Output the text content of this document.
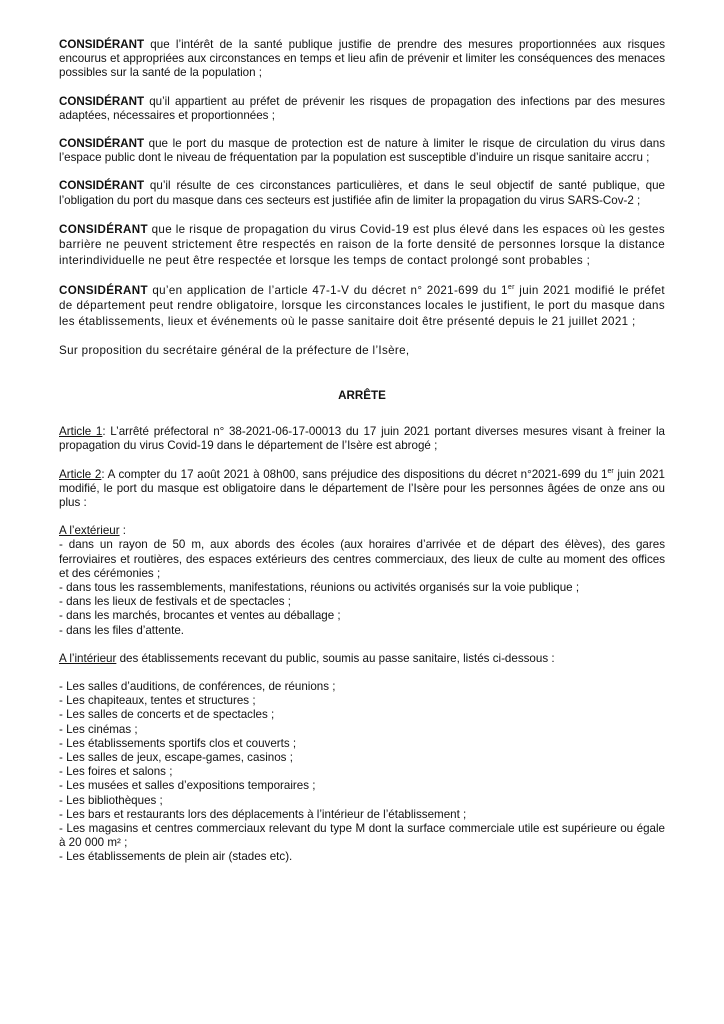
CONSIDÉRANT que l’intérêt de la santé publique justifie de prendre des mesures proportionnées aux risques encourus et appropriées aux circonstances en temps et lieu afin de prévenir et limiter les conséquences des menaces possibles sur la santé de la population ;

CONSIDÉRANT qu’il appartient au préfet de prévenir les risques de propagation des infections par des mesures adaptées, nécessaires et proportionnées ;

CONSIDÉRANT que le port du masque de protection est de nature à limiter le risque de circulation du virus dans l’espace public dont le niveau de fréquentation par la population est susceptible d’induire un risque sanitaire accru ;

CONSIDÉRANT qu’il résulte de ces circonstances particulières, et dans le seul objectif de santé publique, que l’obligation du port du masque dans ces secteurs est justifiée afin de limiter la propagation du virus SARS-Cov-2 ;

CONSIDÉRANT que le risque de propagation du virus Covid-19 est plus élevé dans les espaces où les gestes barrière ne peuvent strictement être respectés en raison de la forte densité de personnes lorsque la distance interindividuelle ne peut être respectée et lorsque les temps de contact prolongé sont probables ;

CONSIDÉRANT qu’en application de l’article 47-1-V du décret n° 2021-699 du 1er juin 2021 modifié le préfet de département peut rendre obligatoire, lorsque les circonstances locales le justifient, le port du masque dans les établissements, lieux et événements où le passe sanitaire doit être présenté depuis le 21 juillet 2021 ;

Sur proposition du secrétaire général de la préfecture de l’Isère,

ARRÊTE

Article 1: L’arrêté préfectoral n° 38-2021-06-17-00013 du 17 juin 2021 portant diverses mesures visant à freiner la propagation du virus Covid-19 dans le département de l’Isère est abrogé ;

Article 2: A compter du 17 août 2021 à 08h00, sans préjudice des dispositions du décret n°2021-699 du 1er juin 2021 modifié, le port du masque est obligatoire dans le département de l’Isère pour les personnes âgées de onze ans ou plus :

A l’extérieur :

- dans un rayon de 50 m, aux abords des écoles (aux horaires d’arrivée et de départ des élèves), des gares ferroviaires et routières, des espaces extérieurs des centres commerciaux, des lieux de culte au moment des offices et des cérémonies ;

- dans tous les rassemblements, manifestations, réunions ou activités organisés sur la voie publique ;

- dans les lieux de festivals et de spectacles ;

- dans les marchés, brocantes et ventes au déballage ;

- dans les files d’attente.

A l’intérieur des établissements recevant du public, soumis au passe sanitaire, listés ci-dessous :

- Les salles d’auditions, de conférences, de réunions ;

- Les chapiteaux, tentes et structures ;

- Les salles de concerts et de spectacles ;

- Les cinémas ;

- Les établissements sportifs clos et couverts ;

- Les salles de jeux, escape-games, casinos ;

- Les foires et salons ;

- Les musées et salles d’expositions temporaires ;

- Les bibliothèques ;

- Les bars et restaurants lors des déplacements à l’intérieur de l’établissement ;

- Les magasins et centres commerciaux relevant du type M dont la surface commerciale utile est supérieure ou égale à 20 000 m² ;

- Les établissements de plein air (stades etc).
